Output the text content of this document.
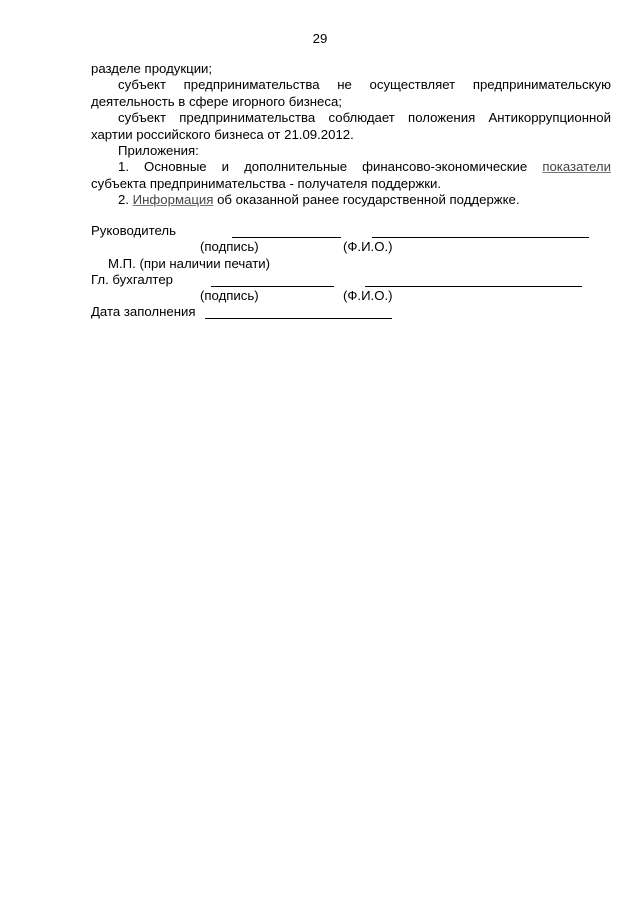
29
разделе продукции;
субъект предпринимательства не осуществляет предпринимательскую
деятельность в сфере игорного бизнеса;
субъект предпринимательства соблюдает положения Антикоррупционной
хартии российского бизнеса от 21.09.2012.
Приложения:
1. Основные и дополнительные финансово-экономические показатели
субъекта предпринимательства - получателя поддержки.
2. Информация об оказанной ранее государственной поддержке.
Руководитель
(подпись)	(Ф.И.О.)
М.П. (при наличии печати)
Гл. бухгалтер
(подпись)	(Ф.И.О.)
Дата заполнения
